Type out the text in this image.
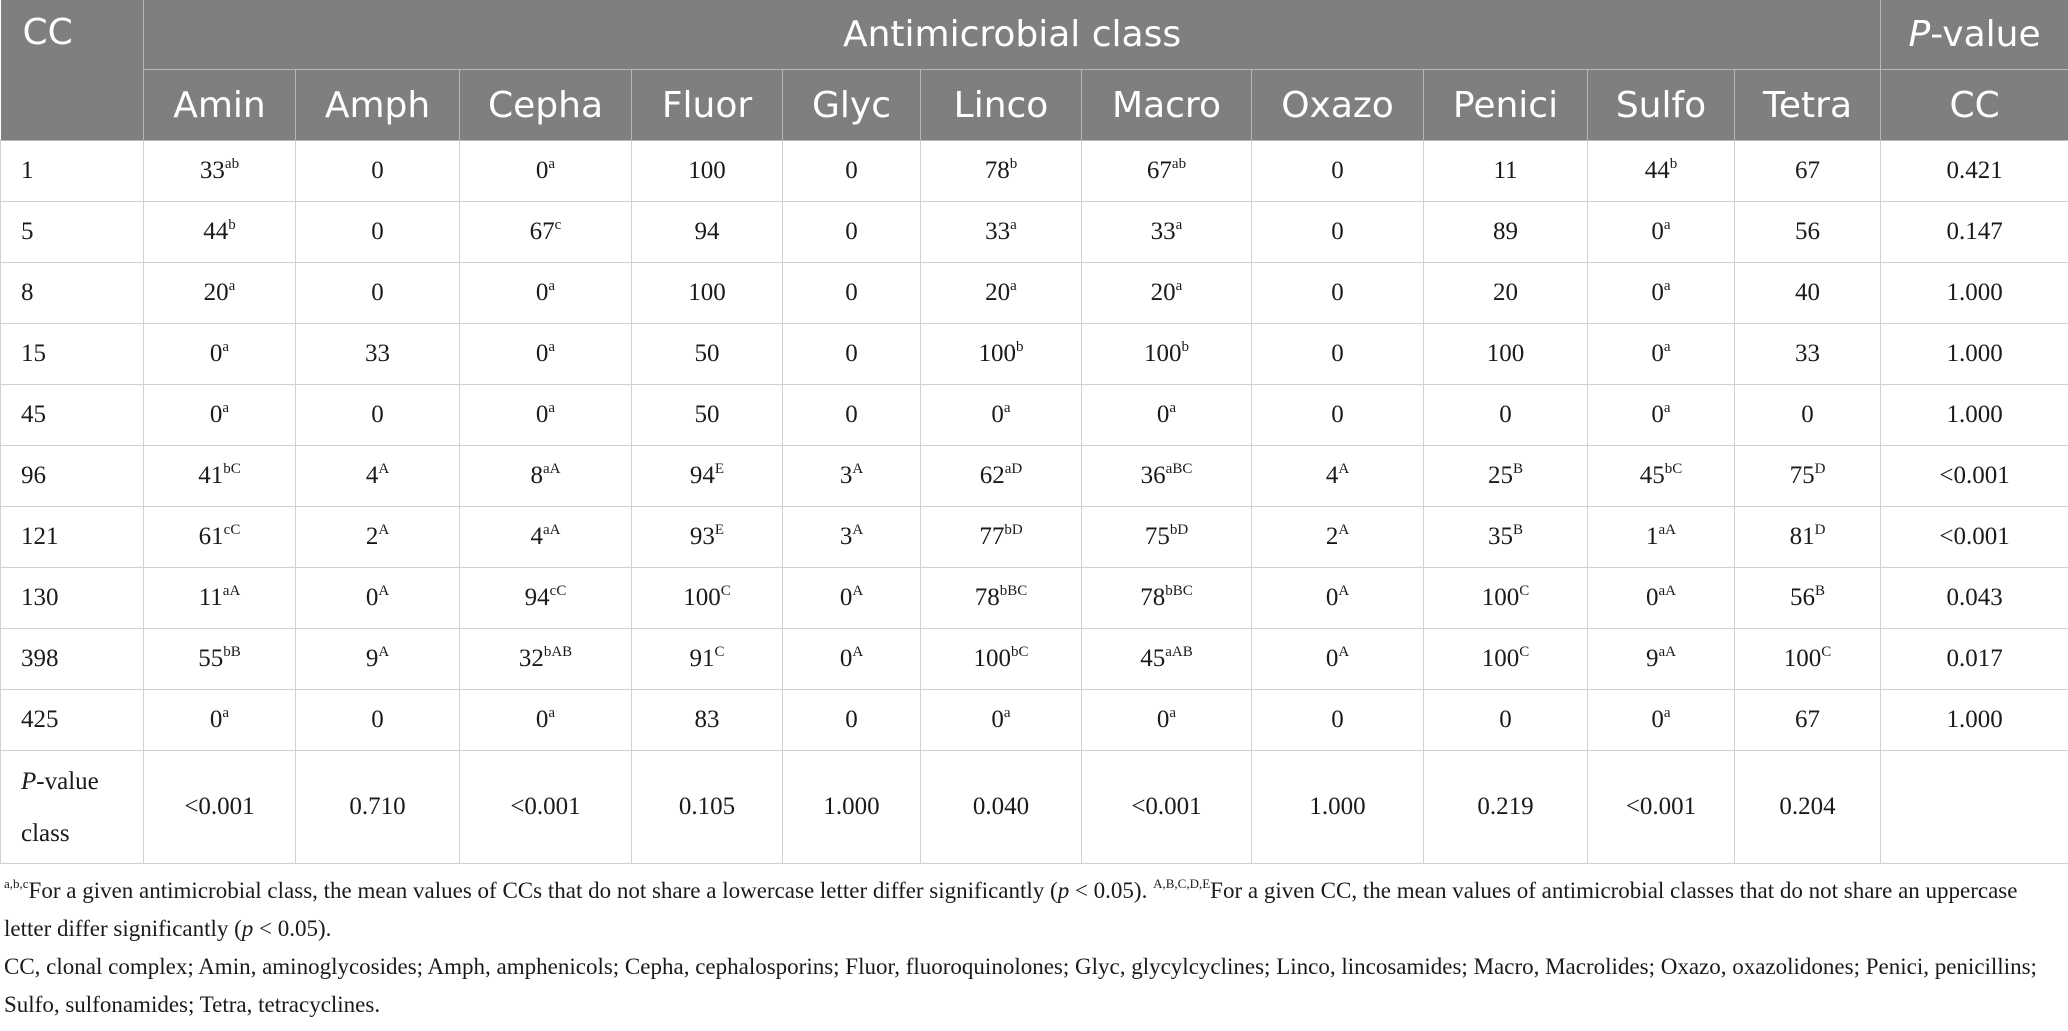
CC	Antimicrobial class											P-value
	Amin	Amph	Cepha	Fluor	Glyc	Linco	Macro	Oxazo	Penici	Sulfo	Tetra	CC
1	$33^{ab}$	0	0$^a$	100	0	78$^b$	$67^{ab}$	0	11	44$^b$	67	0.421
5	44$^b$	0	67$^c$	94	0	33$^a$	33$^a$	0	89	0$^a$	56	0.147
8	20$^a$	0	0$^a$	100	0	20$^a$	20$^a$	0	20	0$^a$	40	1.000
15	0$^a$	33	0$^a$	50	0	100$^b$	100$^b$	0	100	0$^a$	33	1.000
45	0$^a$	0	0$^a$	50	0	0$^a$	0$^a$	0	0	0$^a$	0	1.000
96	$41^{bC}$	$4^A$	$8^{aA}$	$94^E$	$3^A$	$62^{aD}$	$36^{aBC}$	$4^A$	$25^B$	$45^{bC}$	$75^D$	<0.001
121	$61^{cC}$	$2^A$	$4^{aA}$	$93^E$	$3^A$	$77^{bD}$	$75^{bD}$	$2^A$	$35^B$	$1^{aA}$	$81^D$	<0.001
130	$11^{aA}$	$0^A$	$94^{cC}$	$100^C$	$0^A$	$78^{bBC}$	$78^{bBC}$	$0^A$	$100^C$	$0^{aA}$	$56^B$	0.043
398	$55^{bB}$	$9^A$	$32^{bAB}$	$91^C$	$0^A$	$100^{bC}$	$45^{aAB}$	$0^A$	$100^C$	$9^{aA}$	$100^C$	0.017
425	0$^a$	0	0$^a$	83	0	0$^a$	0$^a$	0	0	0$^a$	67	1.000
P-value class	<0.001	0.710	<0.001	0.105	1.000	0.040	<0.001	1.000	0.219	<0.001	0.204	

$^{a,b,c}$For a given antimicrobial class, the mean values of CCs that do not share a lowercase letter differ significantly (p < 0.05). $^{A,B,C,D,E}$For a given CC, the mean values of antimicrobial classes that do not share an uppercase letter differ significantly (p < 0.05).

CC, clonal complex; Amin, aminoglycosides; Amph, amphenicols; Cepha, cephalosporins; Fluor, fluoroquinolones; Glyc, glycylcyclines; Linco, lincosamides; Macro, Macrolides; Oxazo, oxazolidones; Penici, penicillins; Sulfo, sulfonamides; Tetra, tetracyclines.
